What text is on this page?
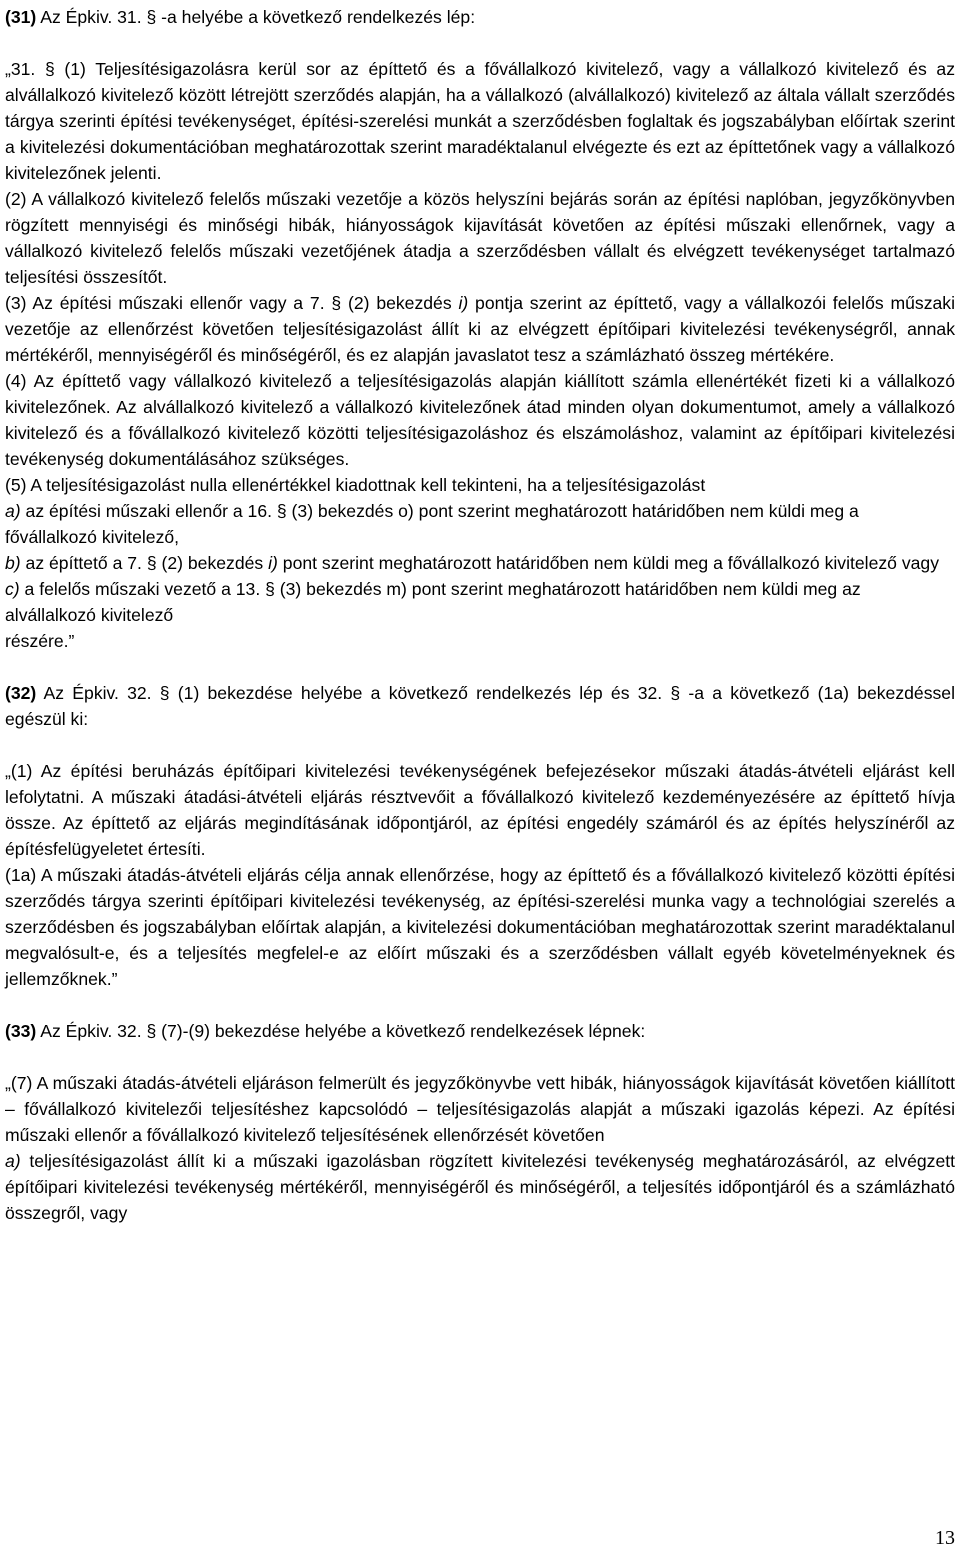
(31) Az Épkiv. 31. § -a helyébe a következő rendelkezés lép:

„31. § (1) Teljesítésigazolásra kerül sor az építtető és a fővállalkozó kivitelező, vagy a vállalkozó kivitelező és az alvállalkozó kivitelező között létrejött szerződés alapján, ha a vállalkozó (alvállalkozó) kivitelező az általa vállalt szerződés tárgya szerinti építési tevékenységet, építési-szerelési munkát a szerződésben foglaltak és jogszabályban előírtak szerint a kivitelezési dokumentációban meghatározottak szerint maradéktalanul elvégezte és ezt az építtetőnek vagy a vállalkozó kivitelezőnek jelenti.

(2) A vállalkozó kivitelező felelős műszaki vezetője a közös helyszíni bejárás során az építési naplóban, jegyzőkönyvben rögzített mennyiségi és minőségi hibák, hiányosságok kijavítását követően az építési műszaki ellenőrnek, vagy a vállalkozó kivitelező felelős műszaki vezetőjének átadja a szerződésben vállalt és elvégzett tevékenységet tartalmazó teljesítési összesítőt.

(3) Az építési műszaki ellenőr vagy a 7. § (2) bekezdés i) pontja szerint az építtető, vagy a vállalkozói felelős műszaki vezetője az ellenőrzést követően teljesítésigazolást állít ki az elvégzett építőipari kivitelezési tevékenységről, annak mértékéről, mennyiségéről és minőségéről, és ez alapján javaslatot tesz a számlázható összeg mértékére.

(4) Az építtető vagy vállalkozó kivitelező a teljesítésigazolás alapján kiállított számla ellenértékét fizeti ki a vállalkozó kivitelezőnek. Az alvállalkozó kivitelező a vállalkozó kivitelezőnek átad minden olyan dokumentumot, amely a vállalkozó kivitelező és a fővállalkozó kivitelező közötti teljesítésigazoláshoz és elszámoláshoz, valamint az építőipari kivitelezési tevékenység dokumentálásához szükséges.

(5) A teljesítésigazolást nulla ellenértékkel kiadottnak kell tekinteni, ha a teljesítésigazolást

a) az építési műszaki ellenőr a 16. § (3) bekezdés o) pont szerint meghatározott határidőben nem küldi meg a fővállalkozó kivitelező,

b) az építtető a 7. § (2) bekezdés i) pont szerint meghatározott határidőben nem küldi meg a fővállalkozó kivitelező vagy

c) a felelős műszaki vezető a 13. § (3) bekezdés m) pont szerint meghatározott határidőben nem küldi meg az alvállalkozó kivitelező

részére.”

(32) Az Épkiv. 32. § (1) bekezdése helyébe a következő rendelkezés lép és 32. § -a a következő (1a) bekezdéssel egészül ki:

„(1) Az építési beruházás építőipari kivitelezési tevékenységének befejezésekor műszaki átadás-átvételi eljárást kell lefolytatni. A műszaki átadási-átvételi eljárás résztvevőit a fővállalkozó kivitelező kezdeményezésére az építtető hívja össze. Az építtető az eljárás megindításának időpontjáról, az építési engedély számáról és az építés helyszínéről az építésfelügyeletet értesíti.

(1a) A műszaki átadás-átvételi eljárás célja annak ellenőrzése, hogy az építtető és a fővállalkozó kivitelező közötti építési szerződés tárgya szerinti építőipari kivitelezési tevékenység, az építési-szerelési munka vagy a technológiai szerelés a szerződésben és jogszabályban előírtak alapján, a kivitelezési dokumentációban meghatározottak szerint maradéktalanul megvalósult-e, és a teljesítés megfelel-e az előírt műszaki és a szerződésben vállalt egyéb követelményeknek és jellemzőknek.”

(33) Az Épkiv. 32. § (7)-(9) bekezdése helyébe a következő rendelkezések lépnek:

„(7) A műszaki átadás-átvételi eljáráson felmerült és jegyzőkönyvbe vett hibák, hiányosságok kijavítását követően kiállított – fővállalkozó kivitelezői teljesítéshez kapcsolódó – teljesítésigazolás alapját a műszaki igazolás képezi. Az építési műszaki ellenőr a fővállalkozó kivitelező teljesítésének ellenőrzését követően

a) teljesítésigazolást állít ki a műszaki igazolásban rögzített kivitelezési tevékenység meghatározásáról, az elvégzett építőipari kivitelezési tevékenység mértékéről, mennyiségéről és minőségéről, a teljesítés időpontjáról és a számlázható összegről, vagy

13
